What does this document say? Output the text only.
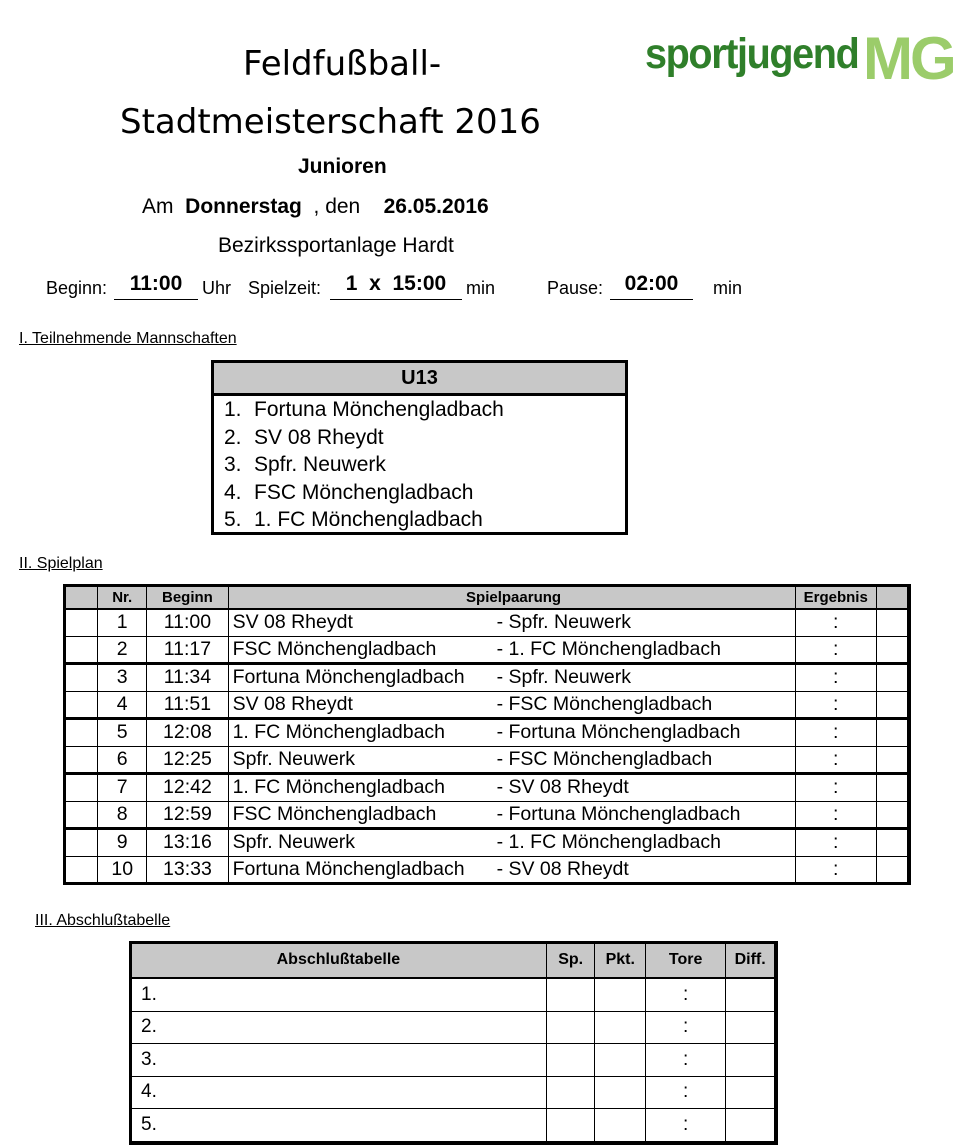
Feldfußball-
Stadtmeisterschaft 2016
Junioren
Am Donnerstag , den 26.05.2016
Bezirkssportanlage Hardt
sportjugend MG
Beginn:	11:00	Uhr Spielzeit:	1  x  15:00	min	Pause:	02:00	min
I. Teilnehmende Mannschaften
U13
1. Fortuna Mönchengladbach
2. SV 08 Rheydt
3. Spfr. Neuwerk
4. FSC Mönchengladbach
5. 1. FC Mönchengladbach
II. Spielplan
	Nr.	Beginn	Spielpaarung	Ergebnis	
	1	11:00	SV 08 Rheydt - Spfr. Neuwerk	:	
	2	11:17	FSC Mönchengladbach - 1. FC Mönchengladbach	:	
	3	11:34	Fortuna Mönchengladbach - Spfr. Neuwerk	:	
	4	11:51	SV 08 Rheydt - FSC Mönchengladbach	:	
	5	12:08	1. FC Mönchengladbach - Fortuna Mönchengladbach	:	
	6	12:25	Spfr. Neuwerk - FSC Mönchengladbach	:	
	7	12:42	1. FC Mönchengladbach - SV 08 Rheydt	:	
	8	12:59	FSC Mönchengladbach - Fortuna Mönchengladbach	:	
	9	13:16	Spfr. Neuwerk - 1. FC Mönchengladbach	:	
	10	13:33	Fortuna Mönchengladbach - SV 08 Rheydt	:	
III. Abschlußtabelle
Abschlußtabelle	Sp.	Pkt.	Tore	Diff.
1.			:	
2.			:	
3.			:	
4.			:	
5.			:	
